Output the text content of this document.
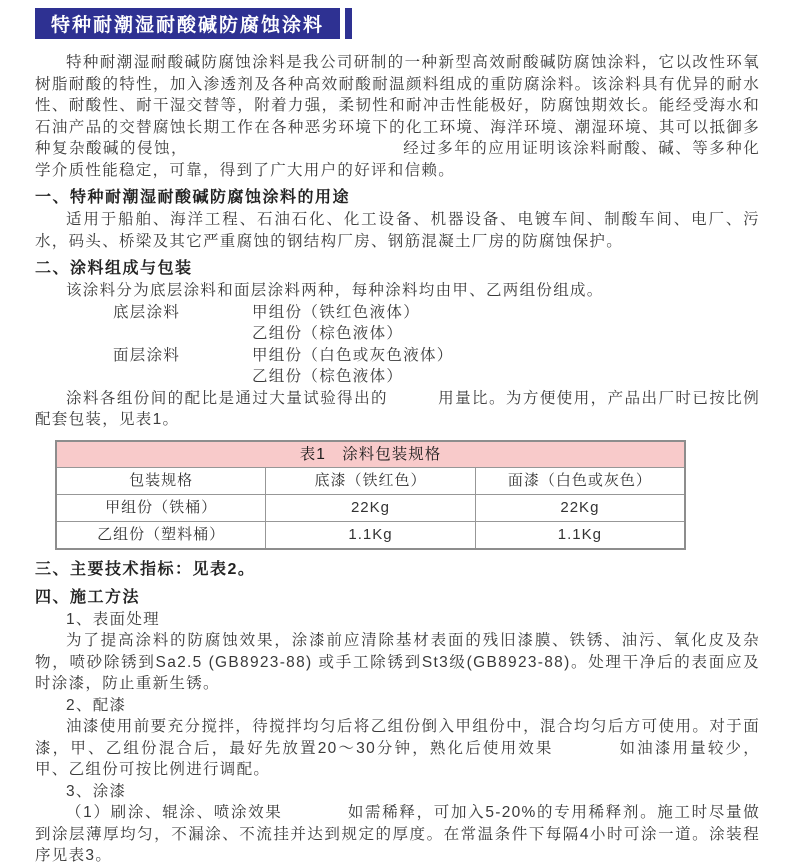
特种耐潮湿耐酸碱防腐蚀涂料

特种耐潮湿耐酸碱防腐蚀涂料是我公司研制的一种新型高效耐酸碱防腐蚀涂料，它以改性环氧树脂耐酸的特性，加入渗透剂及各种高效耐酸耐温颜料组成的重防腐涂料。该涂料具有优异的耐水性、耐酸性、耐干湿交替等，附着力强，柔韧性和耐冲击性能极好，防腐蚀期效长。能经受海水和石油产品的交替腐蚀长期工作在各种恶劣环境下的化工环境、海洋环境、潮湿环境、其可以抵御多种复杂酸碱的侵蚀，	经过多年的应用证明该涂料耐酸、碱、等多种化学介质性能稳定，可靠，得到了广大用户的好评和信赖。

一、特种耐潮湿耐酸碱防腐蚀涂料的用途

适用于船舶、海洋工程、石油石化、化工设备、机器设备、电镀车间、制酸车间、电厂、污水，码头、桥梁及其它严重腐蚀的钢结构厂房、钢筋混凝土厂房的防腐蚀保护。

二、涂料组成与包装

该涂料分为底层涂料和面层涂料两种，每种涂料均由甲、乙两组份组成。

底层涂料	甲组份（铁红色液体）
乙组份（棕色液体）
面层涂料	甲组份（白色或灰色液体）
乙组份（棕色液体）

涂料各组份间的配比是通过大量试验得出的	用量比。为方便使用，产品出厂时已按比例配套包装，见表1。

表1　涂料包装规格		
包装规格	底漆（铁红色）	面漆（白色或灰色）
甲组份（铁桶）	22Kg	22Kg
乙组份（塑料桶）	1.1Kg	1.1Kg
三、主要技术指标：见表2。
四、施工方法
1、表面处理

为了提高涂料的防腐蚀效果，涂漆前应清除基材表面的残旧漆膜、铁锈、油污、氧化皮及杂物，喷砂除锈到Sa2.5 (GB8923-88) 或手工除锈到St3级(GB8923-88)。处理干净后的表面应及时涂漆，防止重新生锈。

2、配漆

油漆使用前要充分搅拌，待搅拌均匀后将乙组份倒入甲组份中，混合均匀后方可使用。对于面漆，甲、乙组份混合后，最好先放置20～30分钟，熟化后使用效果	如油漆用量较少，甲、乙组份可按比例进行调配。

3、涂漆

（1）刷涂、辊涂、喷涂效果	如需稀释，可加入5-20%的专用稀释剂。施工时尽量做到涂层薄厚均匀，不漏涂、不流挂并达到规定的厚度。在常温条件下每隔4小时可涂一道。涂装程序见表3。
